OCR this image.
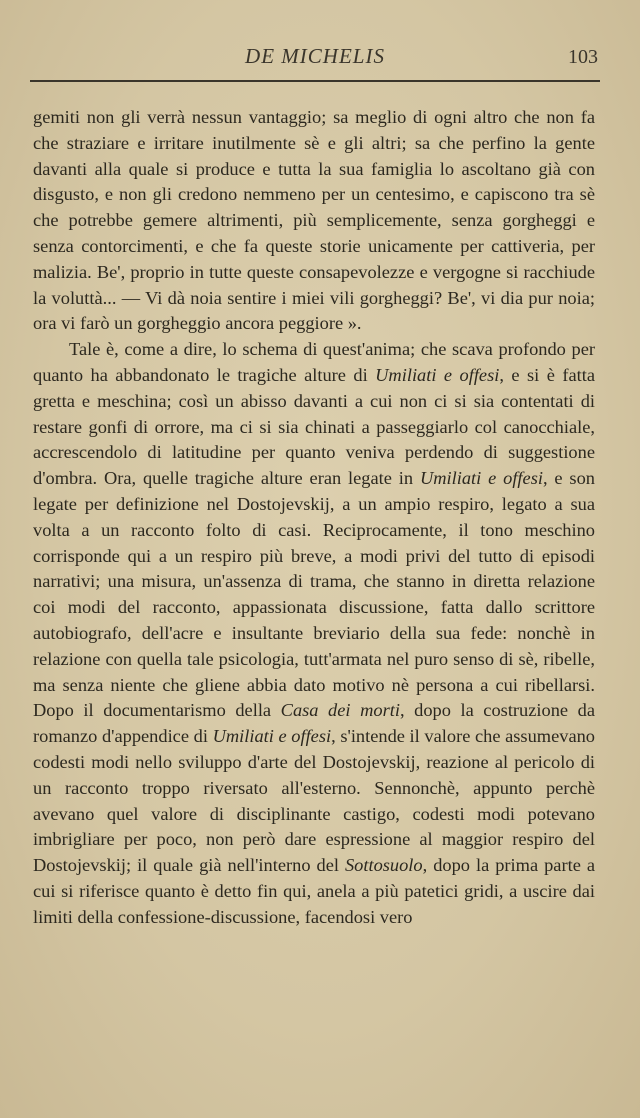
DE MICHELIS	103

gemiti non gli verrà nessun vantaggio; sa meglio di ogni altro che non fa che straziare e irritare inutilmente sè e gli altri; sa che perfino la gente davanti alla quale si produce e tutta la sua famiglia lo ascoltano già con disgusto, e non gli credono nemmeno per un centesimo, e capiscono tra sè che potrebbe gemere altrimenti, più semplicemente, senza gorgheggi e senza contorcimenti, e che fa queste storie unicamente per cattiveria, per malizia. Be', proprio in tutte queste consapevolezze e vergogne si racchiude la voluttà... — Vi dà noia sentire i miei vili gorgheggi? Be', vi dia pur noia; ora vi farò un gorgheggio ancora peggiore ».

Tale è, come a dire, lo schema di quest'anima; che scava profondo per quanto ha abbandonato le tragiche alture di Umiliati e offesi, e si è fatta gretta e meschina; così un abisso davanti a cui non ci si sia contentati di restare gonfi di orrore, ma ci si sia chinati a passeggiarlo col canocchiale, accrescendolo di latitudine per quanto veniva perdendo di suggestione d'ombra. Ora, quelle tragiche alture eran legate in Umiliati e offesi, e son legate per definizione nel Dostojevskij, a un ampio respiro, legato a sua volta a un racconto folto di casi. Reciprocamente, il tono meschino corrisponde qui a un respiro più breve, a modi privi del tutto di episodi narrativi; una misura, un'assenza di trama, che stanno in diretta relazione coi modi del racconto, appassionata discussione, fatta dallo scrittore autobiografo, dell'acre e insultante breviario della sua fede: nonchè in relazione con quella tale psicologia, tutt'armata nel puro senso di sè, ribelle, ma senza niente che gliene abbia dato motivo nè persona a cui ribellarsi. Dopo il documentarismo della Casa dei morti, dopo la costruzione da romanzo d'appendice di Umiliati e offesi, s'intende il valore che assumevano codesti modi nello sviluppo d'arte del Dostojevskij, reazione al pericolo di un racconto troppo riversato all'esterno. Sennonchè, appunto perchè avevano quel valore di disciplinante castigo, codesti modi potevano imbrigliare per poco, non però dare espressione al maggior respiro del Dostojevskij; il quale già nell'interno del Sottosuolo, dopo la prima parte a cui si riferisce quanto è detto fin qui, anela a più patetici gridi, a uscire dai limiti della confessione-discussione, facendosi vero
